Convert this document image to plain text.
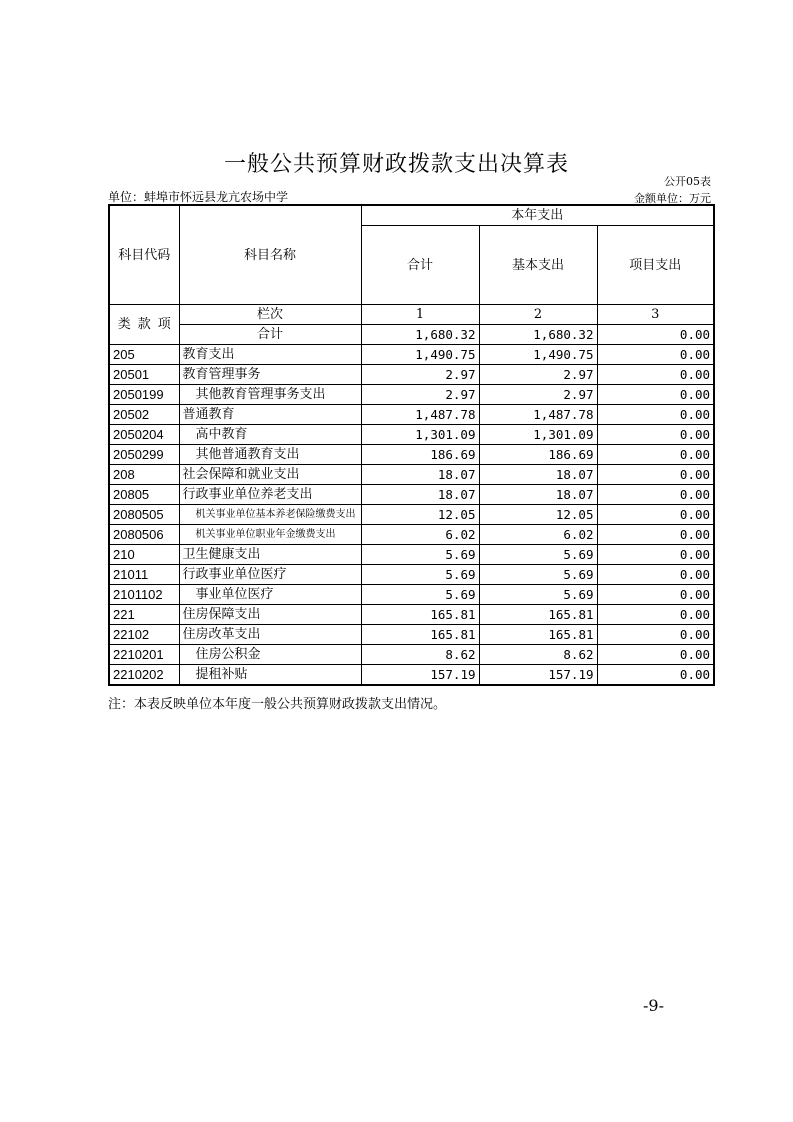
一般公共预算财政拨款支出决算表
公开05表
单位：蚌埠市怀远县龙亢农场中学	金额单位：万元
科目代码	科目名称	本年支出		
		合计	基本支出	项目支出
类 款 项	栏次	1	2	3
	合计	1,680.32	1,680.32	0.00
205	教育支出	1,490.75	1,490.75	0.00
20501	教育管理事务	2.97	2.97	0.00
2050199	其他教育管理事务支出	2.97	2.97	0.00
20502	普通教育	1,487.78	1,487.78	0.00
2050204	高中教育	1,301.09	1,301.09	0.00
2050299	其他普通教育支出	186.69	186.69	0.00
208	社会保障和就业支出	18.07	18.07	0.00
20805	行政事业单位养老支出	18.07	18.07	0.00
2080505	机关事业单位基本养老保险缴费支出	12.05	12.05	0.00
2080506	机关事业单位职业年金缴费支出	6.02	6.02	0.00
210	卫生健康支出	5.69	5.69	0.00
21011	行政事业单位医疗	5.69	5.69	0.00
2101102	事业单位医疗	5.69	5.69	0.00
221	住房保障支出	165.81	165.81	0.00
22102	住房改革支出	165.81	165.81	0.00
2210201	住房公积金	8.62	8.62	0.00
2210202	提租补贴	157.19	157.19	0.00
注：本表反映单位本年度一般公共预算财政拨款支出情况。
-9-
